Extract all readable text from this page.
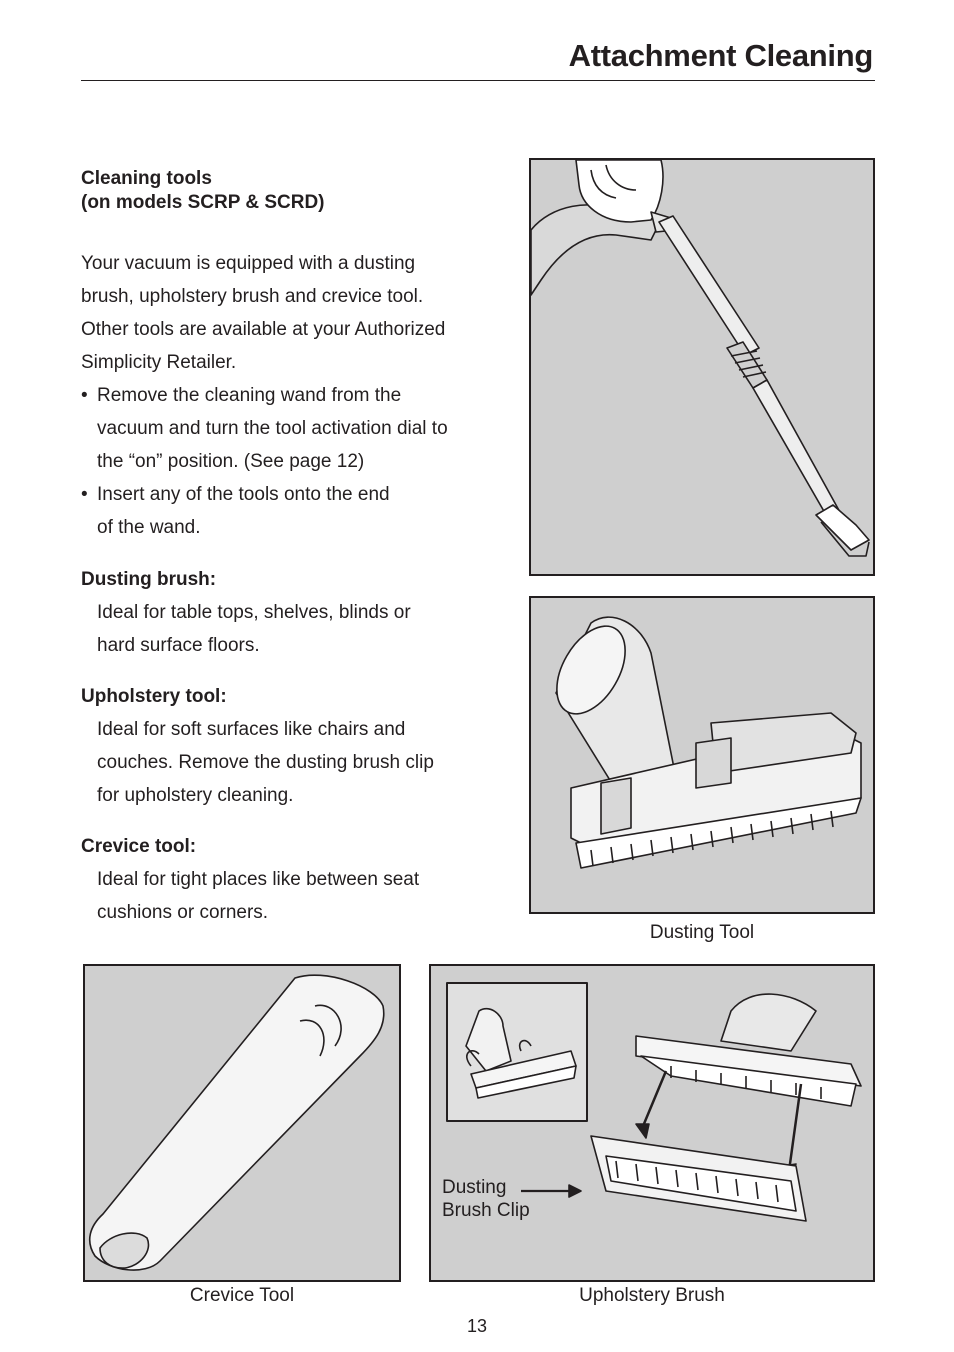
Attachment Cleaning
Cleaning tools
(on models SCRP & SCRD)
Your vacuum is equipped with a dusting
brush, upholstery brush and crevice tool.
Other tools are available at your Authorized
Simplicity Retailer.
• Remove the cleaning wand from the
vacuum and turn the tool activation dial to
the “on” position. (See page 12)
• Insert any of the tools onto the end
of the wand.
Dusting brush:
Ideal for table tops, shelves, blinds or
hard surface floors.
Upholstery tool:
Ideal for soft surfaces like chairs and
couches. Remove the dusting brush clip
for upholstery cleaning.
Crevice tool:
Ideal for tight places like between seat
cushions or corners.
Dusting Tool
Crevice Tool
Dusting
Brush Clip
Upholstery Brush
13
